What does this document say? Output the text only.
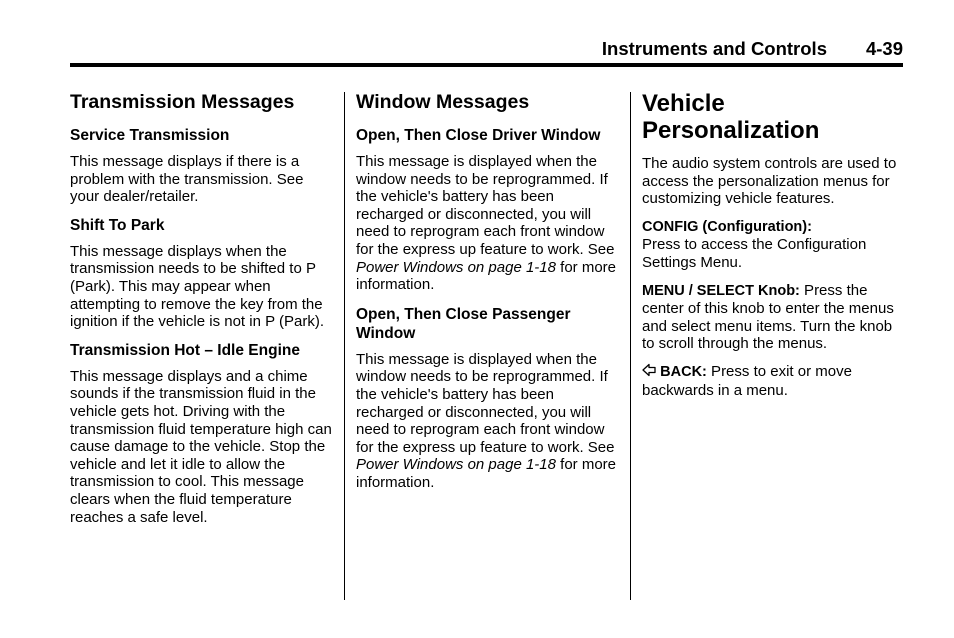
Instruments and Controls 4-39
Transmission Messages
Service Transmission

This message displays if there is a problem with the transmission. See your dealer/retailer.

Shift To Park

This message displays when the transmission needs to be shifted to P (Park). This may appear when attempting to remove the key from the ignition if the vehicle is not in P (Park).

Transmission Hot – Idle Engine

This message displays and a chime sounds if the transmission fluid in the vehicle gets hot. Driving with the transmission fluid temperature high can cause damage to the vehicle. Stop the vehicle and let it idle to allow the transmission to cool. This message clears when the fluid temperature reaches a safe level.

Window Messages
Open, Then Close Driver Window

This message is displayed when the window needs to be reprogrammed. If the vehicle's battery has been recharged or disconnected, you will need to reprogram each front window for the express up feature to work. See Power Windows on page 1-18 for more information.

Open, Then Close Passenger Window

This message is displayed when the window needs to be reprogrammed. If the vehicle's battery has been recharged or disconnected, you will need to reprogram each front window for the express up feature to work. See Power Windows on page 1-18 for more information.

Vehicle Personalization

The audio system controls are used to access the personalization menus for customizing vehicle features.

CONFIG (Configuration):
Press to access the Configuration Settings Menu.

MENU / SELECT Knob: Press the center of this knob to enter the menus and select menu items. Turn the knob to scroll through the menus.

BACK: Press to exit or move backwards in a menu.
